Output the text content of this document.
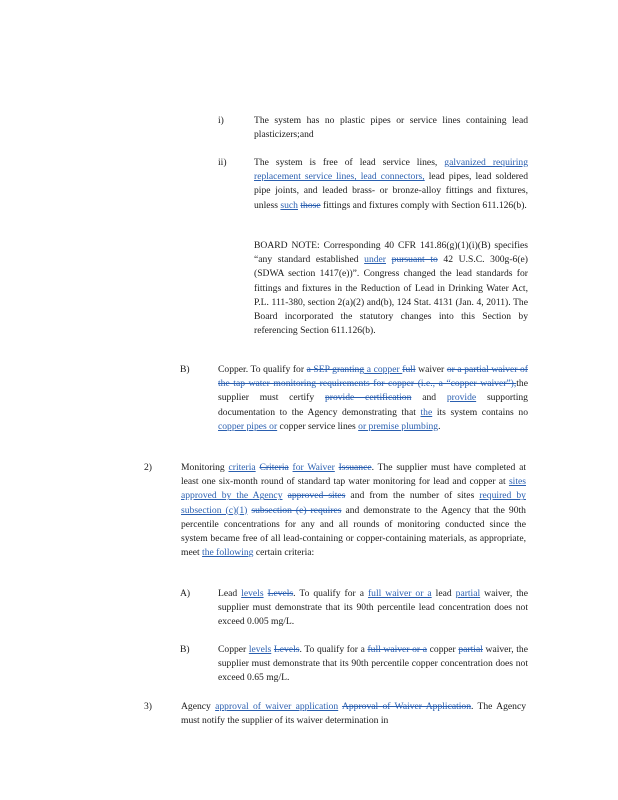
i)	The system has no plastic pipes or service lines containing lead plasticizers;and
ii)	The system is free of lead service lines, galvanized requiring replacement service lines, lead connectors, lead pipes, lead soldered pipe joints, and leaded brass- or bronze-alloy fittings and fixtures, unless such those fittings and fixtures comply with Section 611.126(b).
BOARD NOTE: Corresponding 40 CFR 141.86(g)(1)(i)(B) specifies “any standard established under pursuant to 42 U.S.C. 300g-6(e) (SDWA section 1417(e))”. Congress changed the lead standards for fittings and fixtures in the Reduction of Lead in Drinking Water Act, P.L. 111-380, section 2(a)(2) and(b), 124 Stat. 4131 (Jan. 4, 2011). The Board incorporated the statutory changes into this Section by referencing Section 611.126(b).
B)	Copper. To qualify for a SEP granting a copper full waiver or a partial waiver of the tap water monitoring requirements for copper (i.e., a “copper waiver”),the supplier must certify provide certification and provide supporting documentation to the Agency demonstrating that the its system contains no copper pipes or copper service lines or premise plumbing.
2)	Monitoring criteria Criteria for Waiver Issuance. The supplier must have completed at least one six-month round of standard tap water monitoring for lead and copper at sites approved by the Agency approved sites and from the number of sites required by subsection (c)(1) subsection (e) requires and demonstrate to the Agency that the 90th percentile concentrations for any and all rounds of monitoring conducted since the system became free of all lead-containing or copper-containing materials, as appropriate, meet the following certain criteria:
A)	Lead levels Levels. To qualify for a full waiver or a lead partial waiver, the supplier must demonstrate that its 90th percentile lead concentration does not exceed 0.005 mg/L.
B)	Copper levels Levels. To qualify for a full waiver or a copper partial waiver, the supplier must demonstrate that its 90th percentile copper concentration does not exceed 0.65 mg/L.
3)	Agency approval of waiver application Approval of Waiver Application. The Agency must notify the supplier of its waiver determination in
